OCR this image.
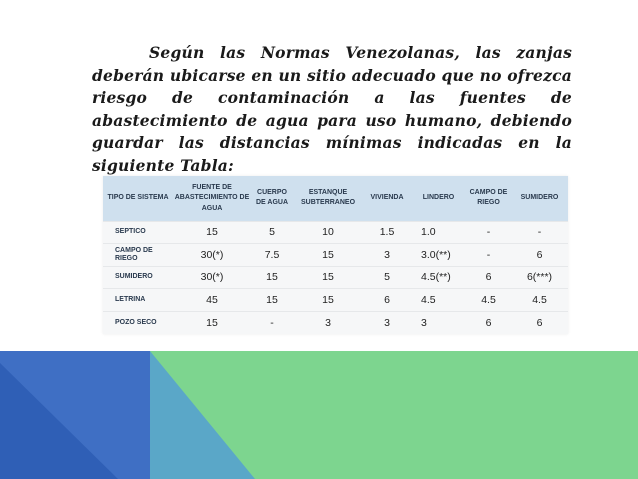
Según las Normas Venezolanas, las zanjas deberán ubicarse en un sitio adecuado que no ofrezca riesgo de contaminación a las fuentes de abastecimiento de agua para uso humano, debiendo guardar las distancias mínimas indicadas en la siguiente Tabla:
TIPO DE SISTEMA	FUENTE DE ABASTECIMIENTO DE AGUA	CUERPO DE AGUA	ESTANQUE SUBTERRANEO	VIVIENDA	LINDERO	CAMPO DE RIEGO	SUMIDERO
SEPTICO	15	5	10	1.5	1.0	-	-
CAMPO DE RIEGO	30(*)	7.5	15	3	3.0(**)	-	6
SUMIDERO	30(*)	15	15	5	4.5(**)	6	6(***)
LETRINA	45	15	15	6	4.5	4.5	4.5
POZO SECO	15	-	3	3	3	6	6
